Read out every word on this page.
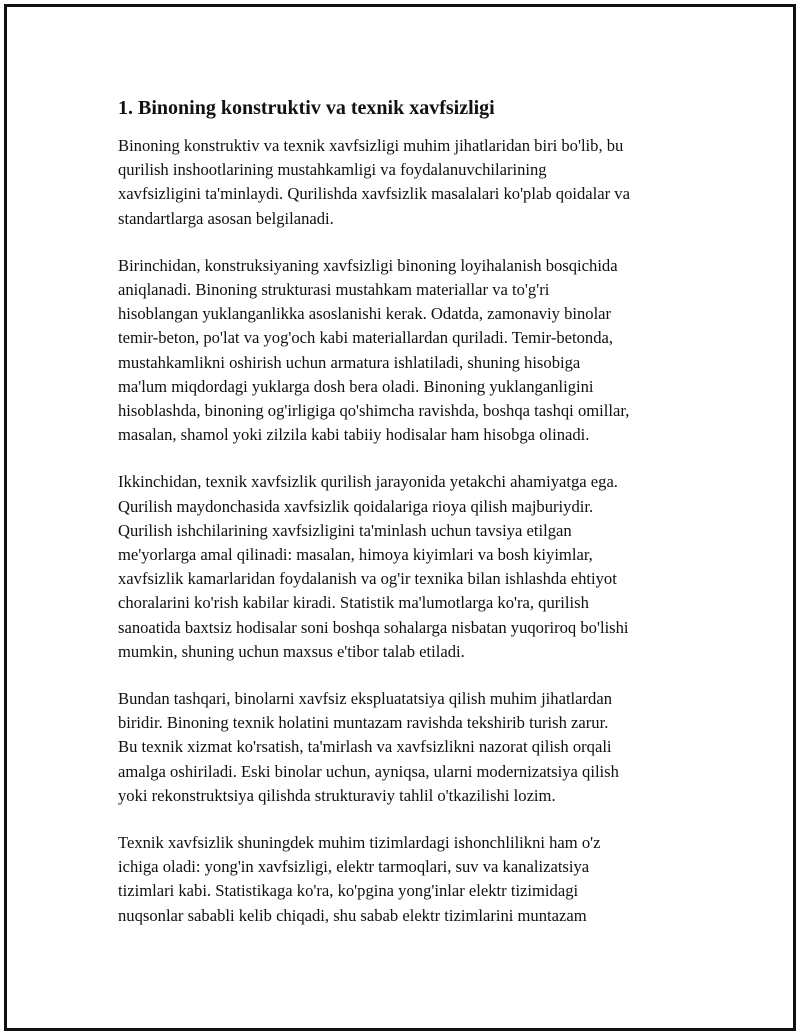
1. Binoning konstruktiv va texnik xavfsizligi

Binoning konstruktiv va texnik xavfsizligi muhim jihatlaridan biri bo'lib, bu
qurilish inshootlarining mustahkamligi va foydalanuvchilarining
xavfsizligini ta'minlaydi. Qurilishda xavfsizlik masalalari ko'plab qoidalar va
standartlarga asosan belgilanadi.

Birinchidan, konstruksiyaning xavfsizligi binoning loyihalanish bosqichida
aniqlanadi. Binoning strukturasi mustahkam materiallar va to'g'ri
hisoblangan yuklanganlikka asoslanishi kerak. Odatda, zamonaviy binolar
temir-beton, po'lat va yog'och kabi materiallardan quriladi. Temir-betonda,
mustahkamlikni oshirish uchun armatura ishlatiladi, shuning hisobiga
ma'lum miqdordagi yuklarga dosh bera oladi. Binoning yuklanganligini
hisoblashda, binoning og'irligiga qo'shimcha ravishda, boshqa tashqi omillar,
masalan, shamol yoki zilzila kabi tabiiy hodisalar ham hisobga olinadi.

Ikkinchidan, texnik xavfsizlik qurilish jarayonida yetakchi ahamiyatga ega.
Qurilish maydonchasida xavfsizlik qoidalariga rioya qilish majburiydir.
Qurilish ishchilarining xavfsizligini ta'minlash uchun tavsiya etilgan
me'yorlarga amal qilinadi: masalan, himoya kiyimlari va bosh kiyimlar,
xavfsizlik kamarlaridan foydalanish va og'ir texnika bilan ishlashda ehtiyot
choralarini ko'rish kabilar kiradi. Statistik ma'lumotlarga ko'ra, qurilish
sanoatida baxtsiz hodisalar soni boshqa sohalarga nisbatan yuqoriroq bo'lishi
mumkin, shuning uchun maxsus e'tibor talab etiladi.

Bundan tashqari, binolarni xavfsiz ekspluatatsiya qilish muhim jihatlardan
biridir. Binoning texnik holatini muntazam ravishda tekshirib turish zarur.
Bu texnik xizmat ko'rsatish, ta'mirlash va xavfsizlikni nazorat qilish orqali
amalga oshiriladi. Eski binolar uchun, ayniqsa, ularni modernizatsiya qilish
yoki rekonstruktsiya qilishda strukturaviy tahlil o'tkazilishi lozim.

Texnik xavfsizlik shuningdek muhim tizimlardagi ishonchlilikni ham o'z
ichiga oladi: yong'in xavfsizligi, elektr tarmoqlari, suv va kanalizatsiya
tizimlari kabi. Statistikaga ko'ra, ko'pgina yong'inlar elektr tizimidagi
nuqsonlar sababli kelib chiqadi, shu sabab elektr tizimlarini muntazam
